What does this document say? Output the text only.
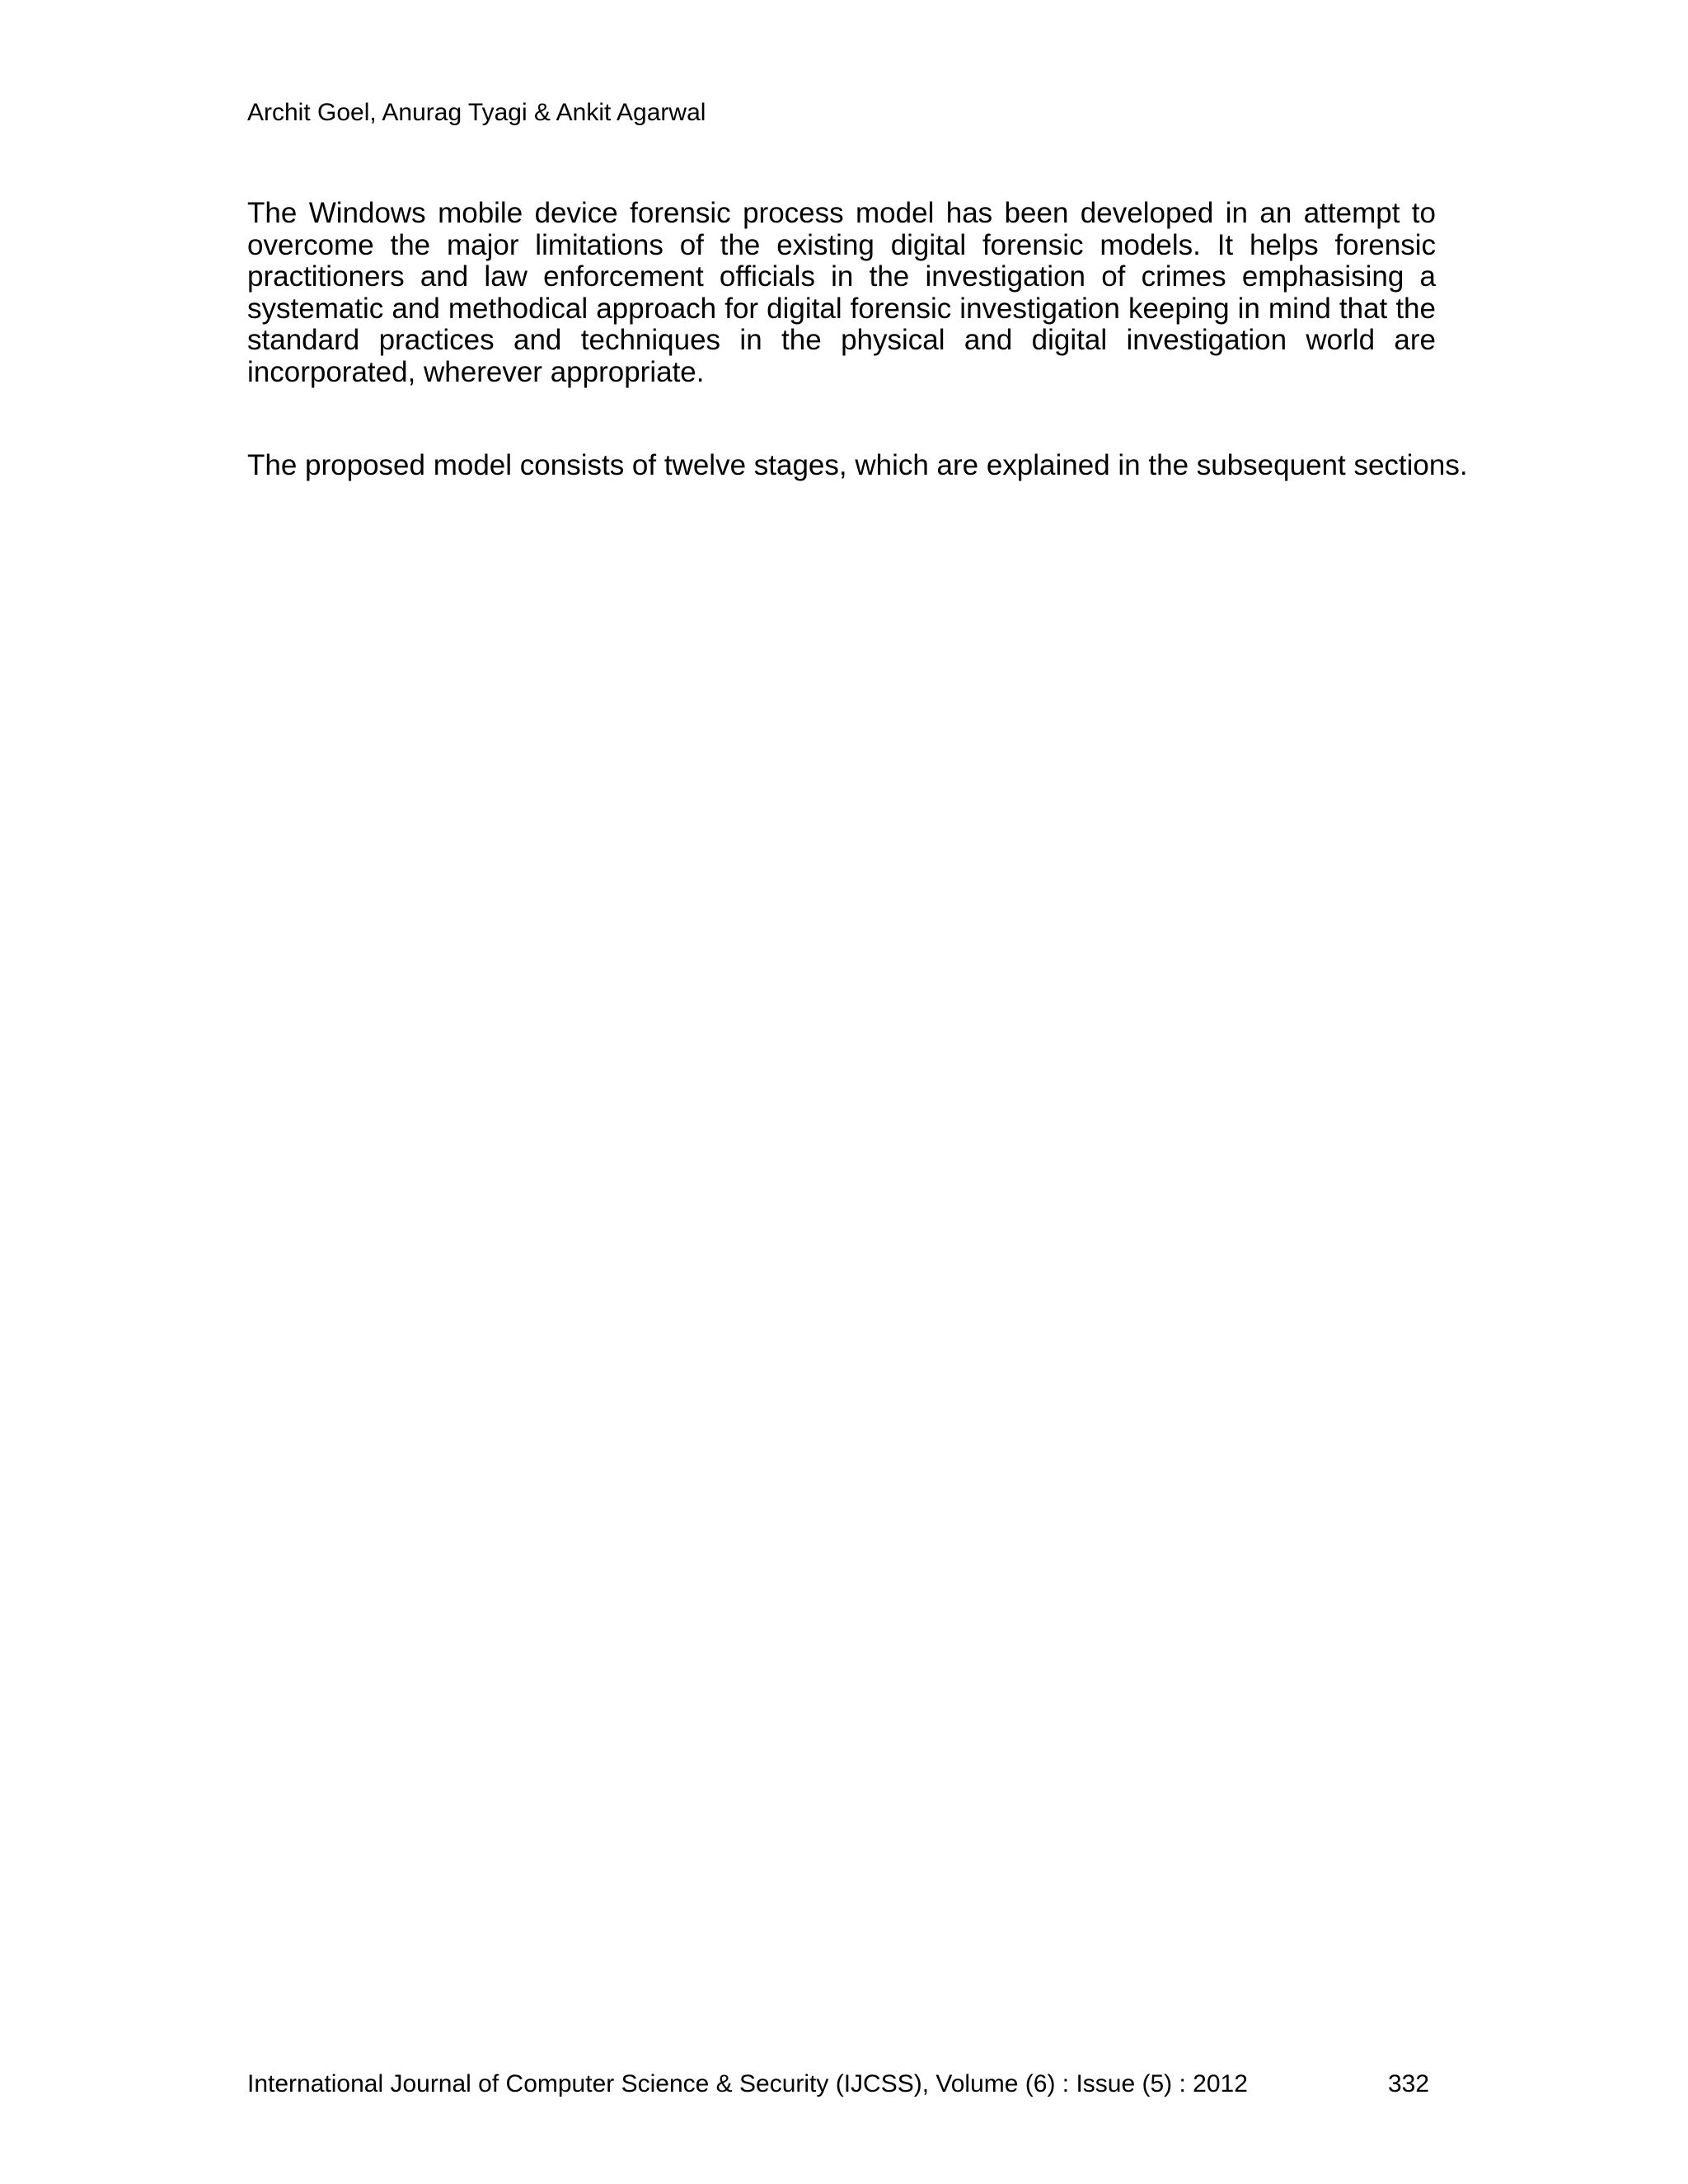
Archit Goel, Anurag Tyagi & Ankit Agarwal

The Windows mobile device forensic process model has been developed in an attempt to overcome the major limitations of the existing digital forensic models. It helps forensic practitioners and law enforcement officials in the investigation of crimes emphasising a systematic and methodical approach for digital forensic investigation keeping in mind that the standard practices and techniques in the physical and digital investigation world are incorporated, wherever appropriate.

The proposed model consists of twelve stages, which are explained in the subsequent sections.

International Journal of Computer Science & Security (IJCSS), Volume (6) : Issue (5) : 2012	332
